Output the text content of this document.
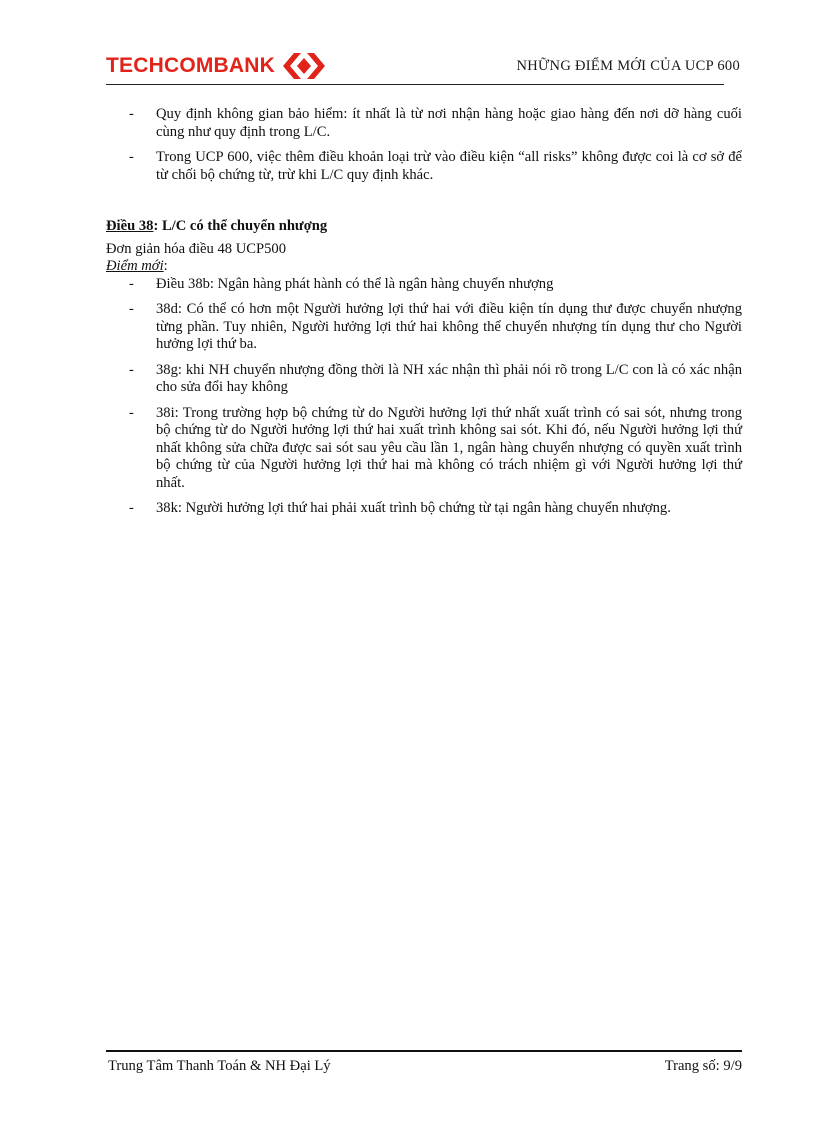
TECHCOMBANK	NHỮNG ĐIỂM MỚI CỦA UCP 600
- Quy định không gian bảo hiểm: ít nhất là từ nơi nhận hàng hoặc giao hàng đến nơi dỡ hàng cuối cùng như quy định trong L/C.
- Trong UCP 600, việc thêm điều khoản loại trừ vào điều kiện “all risks” không được coi là cơ sở để từ chối bộ chứng từ, trừ khi L/C quy định khác.
Điều 38: L/C có thể chuyển nhượng
Đơn giản hóa điều 48 UCP500
Điểm mới:
- Điều 38b: Ngân hàng phát hành có thể là ngân hàng chuyển nhượng
- 38d: Có thể có hơn một Người hưởng lợi thứ hai với điều kiện tín dụng thư được chuyển nhượng từng phần. Tuy nhiên, Người hưởng lợi thứ hai không thể chuyển nhượng tín dụng thư cho Người hưởng lợi thứ ba.
- 38g: khi NH chuyển nhượng đồng thời là NH xác nhận thì phải nói rõ trong L/C con là có xác nhận cho sửa đổi hay không
- 38i: Trong trường hợp bộ chứng từ do Người hưởng lợi thứ nhất xuất trình có sai sót, nhưng trong bộ chứng từ do Người hưởng lợi thứ hai xuất trình không sai sót. Khi đó, nếu Người hưởng lợi thứ nhất không sửa chữa được sai sót sau yêu cầu lần 1, ngân hàng chuyển nhượng có quyền xuất trình bộ chứng từ của Người hưởng lợi thứ hai mà không có trách nhiệm gì với Người hưởng lợi thứ nhất.
- 38k: Người hưởng lợi thứ hai phải xuất trình bộ chứng từ tại ngân hàng chuyển nhượng.
Trung Tâm Thanh Toán & NH Đại Lý	Trang số: 9/9
